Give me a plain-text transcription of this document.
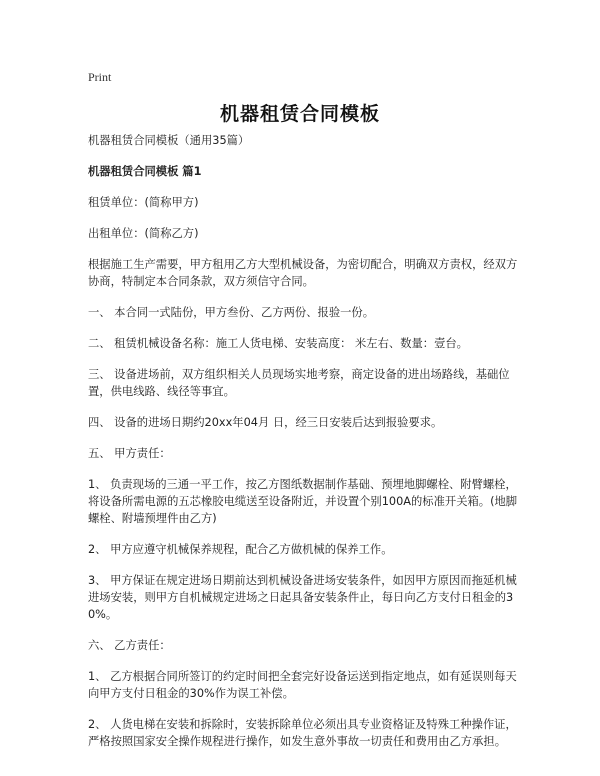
Print
机器租赁合同模板

机器租赁合同模板（通用35篇）

机器租赁合同模板 篇1

租赁单位：(简称甲方)

出租单位：(简称乙方)

根据施工生产需要，甲方租用乙方大型机械设备，为密切配合，明确双方责权，经双方协商，特制定本合同条款，双方须信守合同。

一、 本合同一式陆份，甲方叁份、乙方两份、报验一份。

二、 租赁机械设备名称：施工人货电梯、安装高度： 米左右、数量：壹台。

三、 设备进场前，双方组织相关人员现场实地考察，商定设备的进出场路线，基础位置，供电线路、线径等事宜。

四、 设备的进场日期约20xx年04月 日，经三日安装后达到报验要求。

五、 甲方责任：

1、 负责现场的三通一平工作，按乙方图纸数据制作基础、预埋地脚螺栓、附臂螺栓，将设备所需电源的五芯橡胶电缆送至设备附近，并设置个别100A的标准开关箱。(地脚螺栓、附墙预埋件由乙方)

2、 甲方应遵守机械保养规程，配合乙方做机械的保养工作。

3、 甲方保证在规定进场日期前达到机械设备进场安装条件，如因甲方原因而拖延机械进场安装，则甲方自机械规定进场之日起具备安装条件止，每日向乙方支付日租金的30%。

六、 乙方责任：

1、 乙方根据合同所签订的约定时间把全套完好设备运送到指定地点，如有延误则每天向甲方支付日租金的30%作为误工补偿。

2、 人货电梯在安装和拆除时，安装拆除单位必须出具专业资格证及特殊工种操作证，严格按照国家安全操作规程进行操作，如发生意外事故一切责任和费用由乙方承担。
